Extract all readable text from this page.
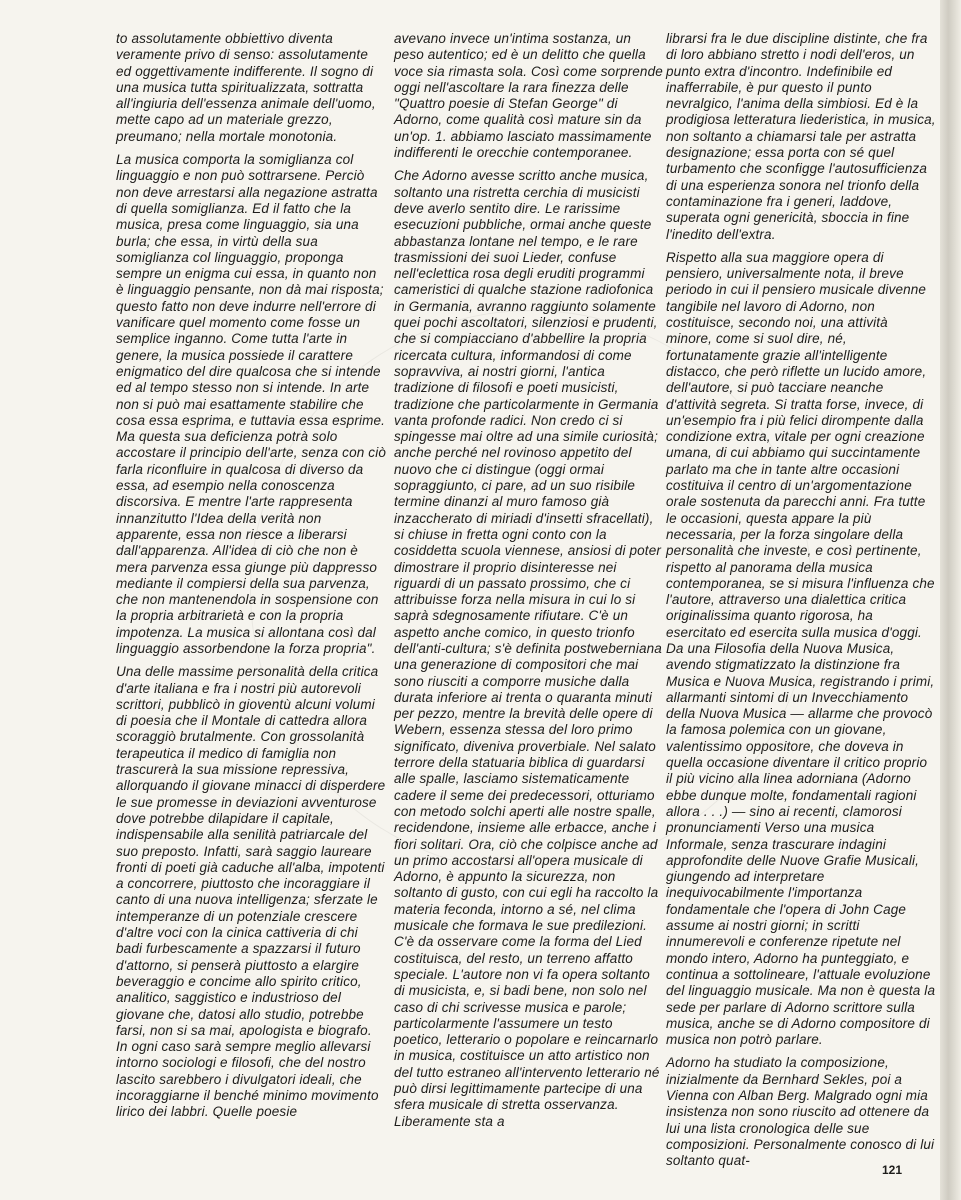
to assolutamente obbiettivo diventa veramente privo di senso: assolutamente ed oggettivamente indifferente. Il sogno di una musica tutta spiritualizzata, sottratta all'ingiuria dell'essenza animale dell'uomo, mette capo ad un materiale grezzo, preumano; nella mortale monotonia.

La musica comporta la somiglianza col linguaggio e non può sottrarsene. Perciò non deve arrestarsi alla negazione astratta di quella somiglianza. Ed il fatto che la musica, presa come linguaggio, sia una burla; che essa, in virtù della sua somiglianza col linguaggio, proponga sempre un enigma cui essa, in quanto non è linguaggio pensante, non dà mai risposta; questo fatto non deve indurre nell'errore di vanificare quel momento come fosse un semplice inganno. Come tutta l'arte in genere, la musica possiede il carattere enigmatico del dire qualcosa che si intende ed al tempo stesso non si intende. In arte non si può mai esattamente stabilire che cosa essa esprima, e tuttavia essa esprime. Ma questa sua deficienza potrà solo accostare il principio dell'arte, senza con ciò farla riconfluire in qualcosa di diverso da essa, ad esempio nella conoscenza discorsiva. E mentre l'arte rappresenta innanzitutto l'Idea della verità non apparente, essa non riesce a liberarsi dall'apparenza. All'idea di ciò che non è mera parvenza essa giunge più dappresso mediante il compiersi della sua parvenza, che non mantenendola in sospensione con la propria arbitrarietà e con la propria impotenza. La musica si allontana così dal linguaggio assorbendone la forza propria".

Una delle massime personalità della critica d'arte italiana e fra i nostri più autorevoli scrittori, pubblicò in gioventù alcuni volumi di poesia che il Montale di cattedra allora scoraggiò brutalmente. Con grossolanità terapeutica il medico di famiglia non trascurerà la sua missione repressiva, allorquando il giovane minacci di disperdere le sue promesse in deviazioni avventurose dove potrebbe dilapidare il capitale, indispensabile alla senilità patriarcale del suo preposto. Infatti, sarà saggio laureare fronti di poeti già caduche all'alba, impotenti a concorrere, piuttosto che incoraggiare il canto di una nuova intelligenza; sferzate le intemperanze di un potenziale crescere d'altre voci con la cinica cattiveria di chi badi furbescamente a spazzarsi il futuro d'attorno, si penserà piuttosto a elargire beveraggio e concime allo spirito critico, analitico, saggistico e industrioso del giovane che, datosi allo studio, potrebbe farsi, non si sa mai, apologista e biografo. In ogni caso sarà sempre meglio allevarsi intorno sociologi e filosofi, che del nostro lascito sarebbero i divulgatori ideali, che incoraggiarne il benché minimo movimento lirico dei labbri. Quelle poesie

avevano invece un'intima sostanza, un peso autentico; ed è un delitto che quella voce sia rimasta sola. Così come sorprende oggi nell'ascoltare la rara finezza delle "Quattro poesie di Stefan George" di Adorno, come qualità così mature sin da un'op. 1. abbiamo lasciato massimamente indifferenti le orecchie contemporanee.

Che Adorno avesse scritto anche musica, soltanto una ristretta cerchia di musicisti deve averlo sentito dire. Le rarissime esecuzioni pubbliche, ormai anche queste abbastanza lontane nel tempo, e le rare trasmissioni dei suoi Lieder, confuse nell'eclettica rosa degli eruditi programmi cameristici di qualche stazione radiofonica in Germania, avranno raggiunto solamente quei pochi ascoltatori, silenziosi e prudenti, che si compiacciano d'abbellire la propria ricercata cultura, informandosi di come sopravviva, ai nostri giorni, l'antica tradizione di filosofi e poeti musicisti, tradizione che particolarmente in Germania vanta profonde radici. Non credo ci si spingesse mai oltre ad una simile curiosità; anche perché nel rovinoso appetito del nuovo che ci distingue (oggi ormai sopraggiunto, ci pare, ad un suo risibile termine dinanzi al muro famoso già inzaccherato di miriadi d'insetti sfracellati), si chiuse in fretta ogni conto con la cosiddetta scuola viennese, ansiosi di poter dimostrare il proprio disinteresse nei riguardi di un passato prossimo, che ci attribuisse forza nella misura in cui lo si saprà sdegnosamente rifiutare. C'è un aspetto anche comico, in questo trionfo dell'anti-cultura; s'è definita postweberniana una generazione di compositori che mai sono riusciti a comporre musiche dalla durata inferiore ai trenta o quaranta minuti per pezzo, mentre la brevità delle opere di Webern, essenza stessa del loro primo significato, diveniva proverbiale. Nel salato terrore della statuaria biblica di guardarsi alle spalle, lasciamo sistematicamente cadere il seme dei predecessori, otturiamo con metodo solchi aperti alle nostre spalle, recidendone, insieme alle erbacce, anche i fiori solitari. Ora, ciò che colpisce anche ad un primo accostarsi all'opera musicale di Adorno, è appunto la sicurezza, non soltanto di gusto, con cui egli ha raccolto la materia feconda, intorno a sé, nel clima musicale che formava le sue predilezioni. C'è da osservare come la forma del Lied costituisca, del resto, un terreno affatto speciale. L'autore non vi fa opera soltanto di musicista, e, si badi bene, non solo nel caso di chi scrivesse musica e parole; particolarmente l'assumere un testo poetico, letterario o popolare e reincarnarlo in musica, costituisce un atto artistico non del tutto estraneo all'intervento letterario né può dirsi legittimamente partecipe di una sfera musicale di stretta osservanza. Liberamente sta a

librarsi fra le due discipline distinte, che fra di loro abbiano stretto i nodi dell'eros, un punto extra d'incontro. Indefinibile ed inafferrabile, è pur questo il punto nevralgico, l'anima della simbiosi. Ed è la prodigiosa letteratura liederistica, in musica, non soltanto a chiamarsi tale per astratta designazione; essa porta con sé quel turbamento che sconfigge l'autosufficienza di una esperienza sonora nel trionfo della contaminazione fra i generi, laddove, superata ogni genericità, sboccia in fine l'inedito dell'extra.

Rispetto alla sua maggiore opera di pensiero, universalmente nota, il breve periodo in cui il pensiero musicale divenne tangibile nel lavoro di Adorno, non costituisce, secondo noi, una attività minore, come si suol dire, né, fortunatamente grazie all'intelligente distacco, che però riflette un lucido amore, dell'autore, si può tacciare neanche d'attività segreta. Si tratta forse, invece, di un'esempio fra i più felici dirompente dalla condizione extra, vitale per ogni creazione umana, di cui abbiamo qui succintamente parlato ma che in tante altre occasioni costituiva il centro di un'argomentazione orale sostenuta da parecchi anni. Fra tutte le occasioni, questa appare la più necessaria, per la forza singolare della personalità che investe, e così pertinente, rispetto al panorama della musica contemporanea, se si misura l'influenza che l'autore, attraverso una dialettica critica originalissima quanto rigorosa, ha esercitato ed esercita sulla musica d'oggi. Da una Filosofia della Nuova Musica, avendo stigmatizzato la distinzione fra Musica e Nuova Musica, registrando i primi, allarmanti sintomi di un Invecchiamento della Nuova Musica — allarme che provocò la famosa polemica con un giovane, valentissimo oppositore, che doveva in quella occasione diventare il critico proprio il più vicino alla linea adorniana (Adorno ebbe dunque molte, fondamentali ragioni allora . . .) — sino ai recenti, clamorosi pronunciamenti Verso una musica Informale, senza trascurare indagini approfondite delle Nuove Grafie Musicali, giungendo ad interpretare inequivocabilmente l'importanza fondamentale che l'opera di John Cage assume ai nostri giorni; in scritti innumerevoli e conferenze ripetute nel mondo intero, Adorno ha punteggiato, e continua a sottolineare, l'attuale evoluzione del linguaggio musicale. Ma non è questa la sede per parlare di Adorno scrittore sulla musica, anche se di Adorno compositore di musica non potrò parlare.

Adorno ha studiato la composizione, inizialmente da Bernhard Sekles, poi a Vienna con Alban Berg. Malgrado ogni mia insistenza non sono riuscito ad ottenere da lui una lista cronologica delle sue composizioni. Personalmente conosco di lui soltanto quat-

121
